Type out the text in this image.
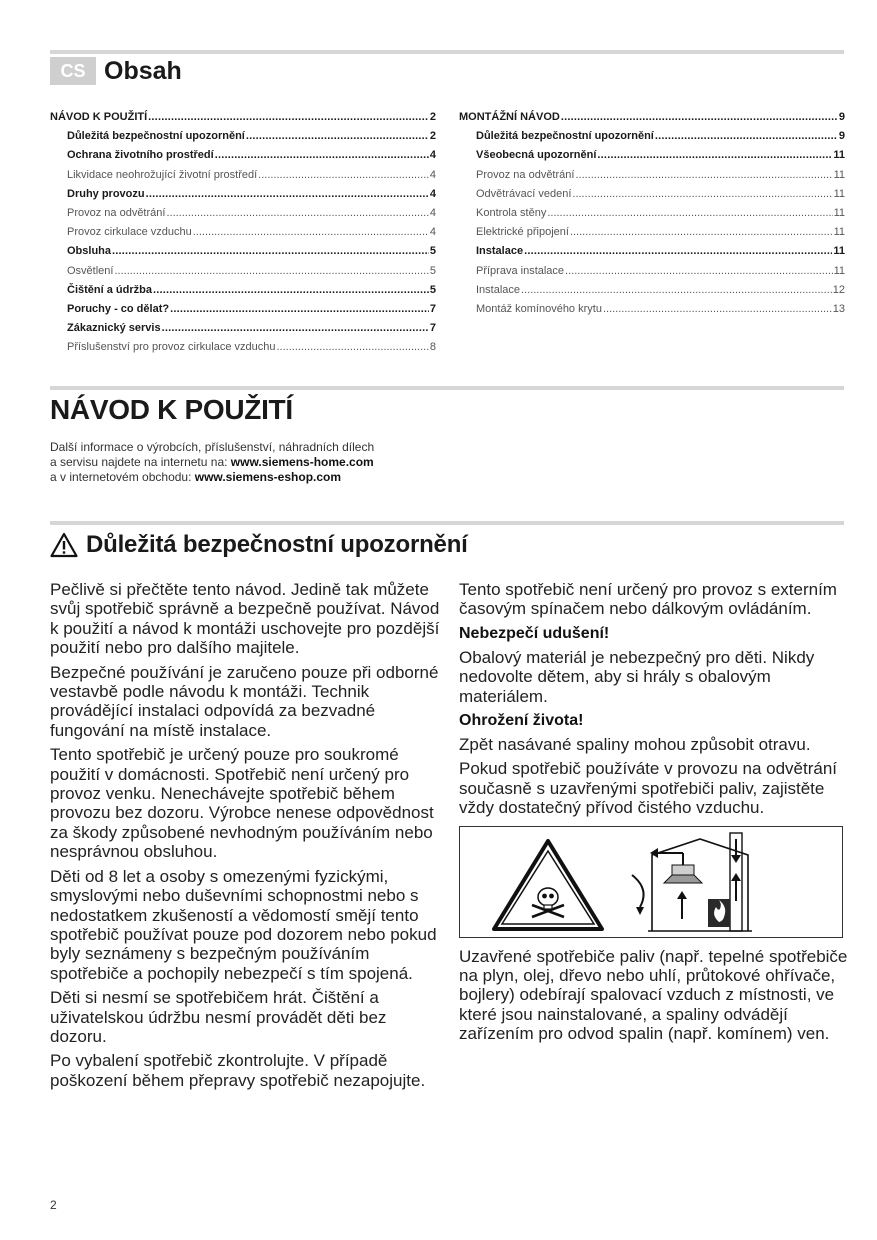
CS Obsah
NÁVOD K POUŽITÍ .....	2
Důležitá bezpečnostní upozornění .....	2
Ochrana životního prostředí .....	4
Likvidace neohrožující životní prostředí .....	4
Druhy provozu .....	4
Provoz na odvětrání .....	4
Provoz cirkulace vzduchu .....	4
Obsluha .....	5
Osvětlení .....	5
Čištění a údržba .....	5
Poruchy - co dělat? .....	7
Zákaznický servis .....	7
Příslušenství pro provoz cirkulace vzduchu .....	8
MONTÁŽNÍ NÁVOD .....	9
Důležitá bezpečnostní upozornění .....	9
Všeobecná upozornění .....	11
Provoz na odvětrání .....	11
Odvětrávací vedení .....	11
Kontrola stěny .....	11
Elektrické připojení .....	11
Instalace .....	11
Příprava instalace .....	11
Instalace .....	12
Montáž komínového krytu .....	13
NÁVOD K POUŽITÍ
Další informace o výrobcích, příslušenství, náhradních dílech
a servisu najdete na internetu na: www.siemens-home.com
a v internetovém obchodu: www.siemens-eshop.com
Důležitá bezpečnostní upozornění

Pečlivě si přečtěte tento návod. Jedině tak můžete svůj spotřebič správně a bezpečně používat. Návod k použití a návod k montáži uschovejte pro pozdější použití nebo pro dalšího majitele.

Bezpečné používání je zaručeno pouze při odborné vestavbě podle návodu k montáži. Technik provádějící instalaci odpovídá za bezvadné fungování na místě instalace.

Tento spotřebič je určený pouze pro soukromé použití v domácnosti. Spotřebič není určený pro provoz venku. Nenechávejte spotřebič během provozu bez dozoru. Výrobce nenese odpovědnost za škody způsobené nevhodným používáním nebo nesprávnou obsluhou.

Děti od 8 let a osoby s omezenými fyzickými, smyslovými nebo duševními schopnostmi nebo s nedostatkem zkušeností a vědomostí smějí tento spotřebič používat pouze pod dozorem nebo pokud byly seznámeny s bezpečným používáním spotřebiče a pochopily nebezpečí s tím spojená.

Děti si nesmí se spotřebičem hrát. Čištění a uživatelskou údržbu nesmí provádět děti bez dozoru.

Po vybalení spotřebič zkontrolujte. V případě poškození během přepravy spotřebič nezapojujte.

Tento spotřebič není určený pro provoz s externím časovým spínačem nebo dálkovým ovládáním.

Nebezpečí udušení!

Obalový materiál je nebezpečný pro děti. Nikdy nedovolte dětem, aby si hrály s obalovým materiálem.

Ohrožení života!

Zpět nasávané spaliny mohou způsobit otravu.

Pokud spotřebič používáte v provozu na odvětrání současně s uzavřenými spotřebiči paliv, zajistěte vždy dostatečný přívod čistého vzduchu.

Uzavřené spotřebiče paliv (např. tepelné spotřebiče na plyn, olej, dřevo nebo uhlí, průtokové ohřívače, bojlery) odebírají spalovací vzduch z místnosti, ve které jsou nainstalované, a spaliny odvádějí zařízením pro odvod spalin (např. komínem) ven.

2
